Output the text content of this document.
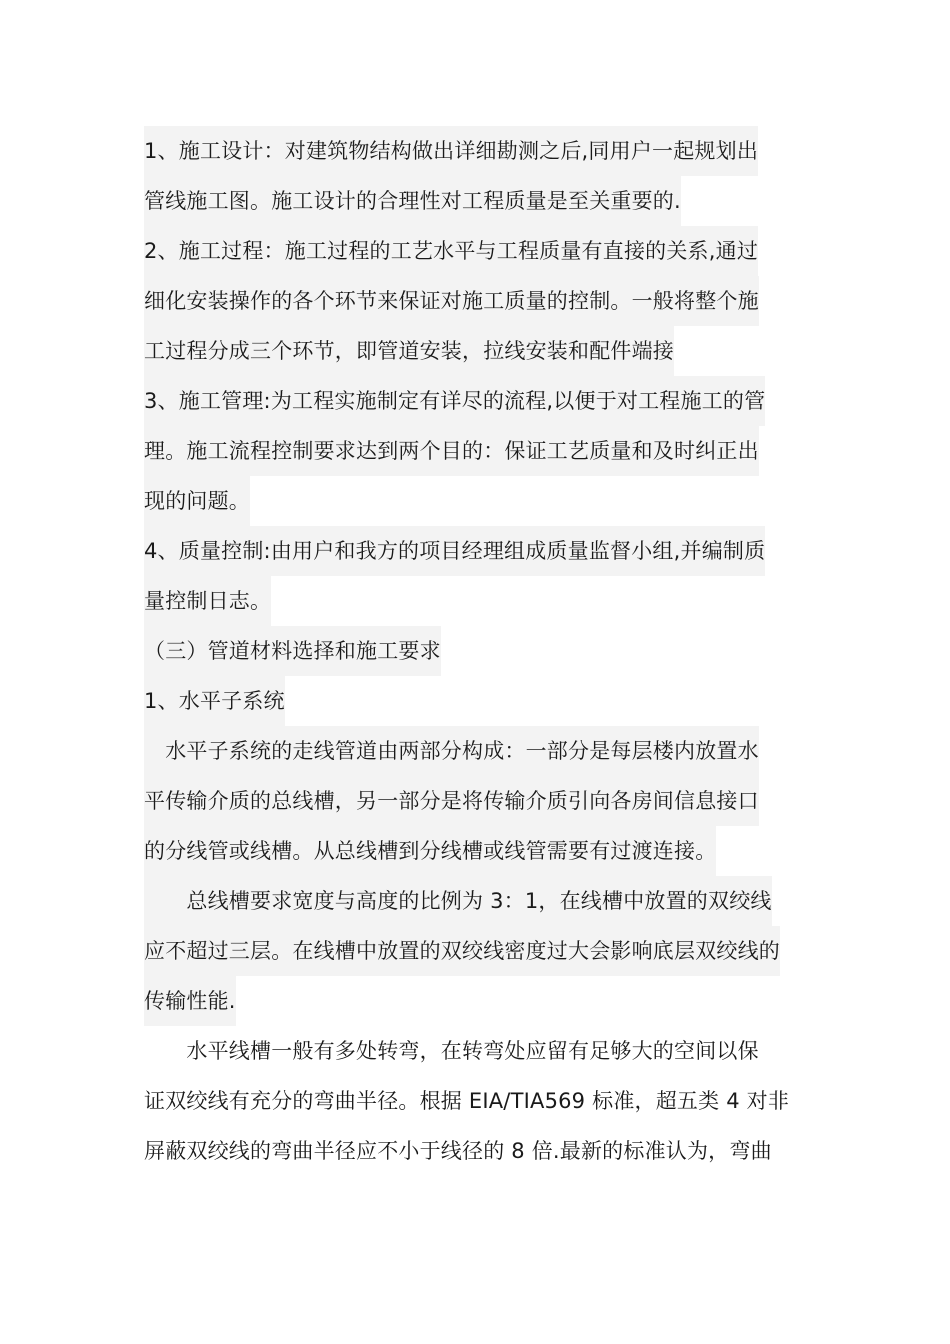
1、施工设计：对建筑物结构做出详细勘测之后,同用户一起规划出
管线施工图。施工设计的合理性对工程质量是至关重要的.
2、施工过程：施工过程的工艺水平与工程质量有直接的关系,通过
细化安装操作的各个环节来保证对施工质量的控制。一般将整个施
工过程分成三个环节，即管道安装，拉线安装和配件端接
3、施工管理:为工程实施制定有详尽的流程,以便于对工程施工的管
理。施工流程控制要求达到两个目的：保证工艺质量和及时纠正出
现的问题。
4、质量控制:由用户和我方的项目经理组成质量监督小组,并编制质
量控制日志。
（三）管道材料选择和施工要求
1、水平子系统
　水平子系统的走线管道由两部分构成：一部分是每层楼内放置水
平传输介质的总线槽，另一部分是将传输介质引向各房间信息接口
的分线管或线槽。从总线槽到分线槽或线管需要有过渡连接。
　　总线槽要求宽度与高度的比例为 3：1，在线槽中放置的双绞线
应不超过三层。在线槽中放置的双绞线密度过大会影响底层双绞线的
传输性能.
　　水平线槽一般有多处转弯，在转弯处应留有足够大的空间以保
证双绞线有充分的弯曲半径。根据 EIA/TIA569 标准，超五类 4 对非
屏蔽双绞线的弯曲半径应不小于线径的 8 倍.最新的标准认为，弯曲
